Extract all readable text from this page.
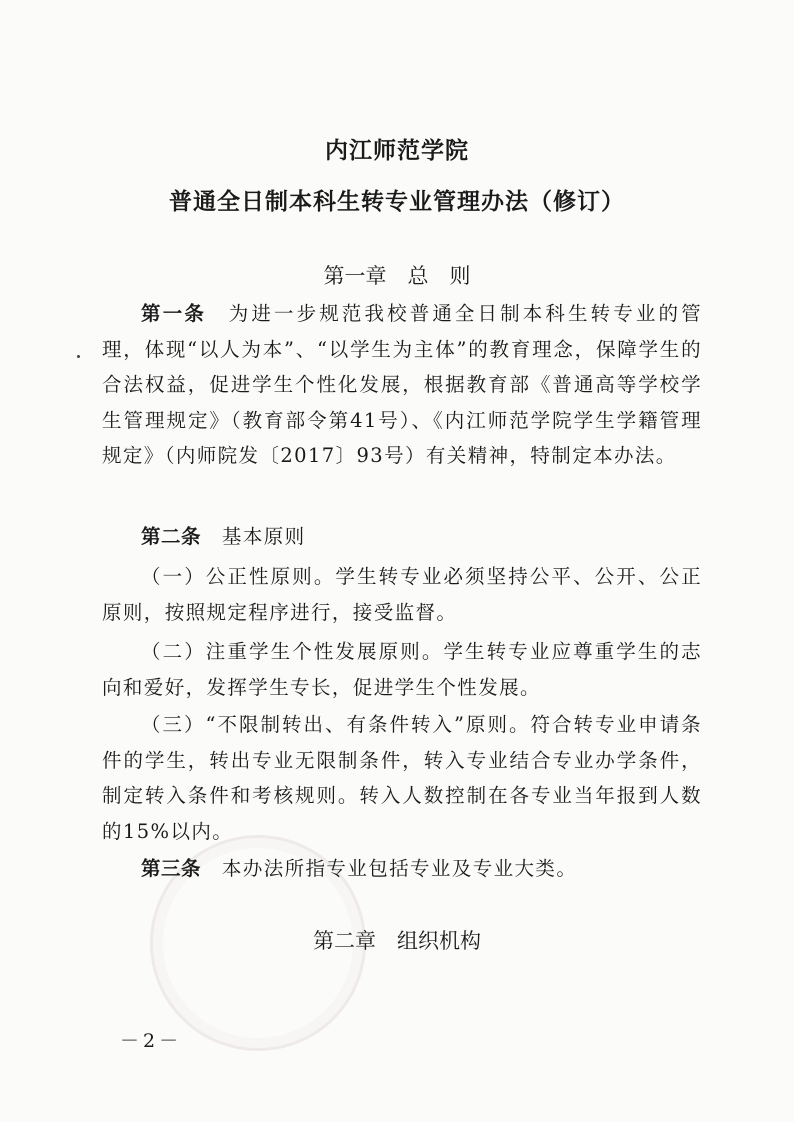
内江师范学院
普通全日制本科生转专业管理办法（修订）
第一章　总　则
第一条　 为进一步规范我校普通全日制本科生转专业的管理，体现“以人为本”、“以学生为主体”的教育理念，保障学生的合法权益，促进学生个性化发展，根据教育部《普通高等学校学生管理规定》（教育部令第41号）、《内江师范学院学生学籍管理规定》（内师院发〔2017〕93号）有关精神，特制定本办法。
第二条　 基本原则
（一）公正性原则。学生转专业必须坚持公平、公开、公正原则，按照规定程序进行，接受监督。
（二）注重学生个性发展原则。学生转专业应尊重学生的志向和爱好，发挥学生专长，促进学生个性发展。
（三）“不限制转出、有条件转入”原则。符合转专业申请条件的学生，转出专业无限制条件，转入专业结合专业办学条件，制定转入条件和考核规则。转入人数控制在各专业当年报到人数的15%以内。
第三条　 本办法所指专业包括专业及专业大类。
第二章　组织机构
－2－
